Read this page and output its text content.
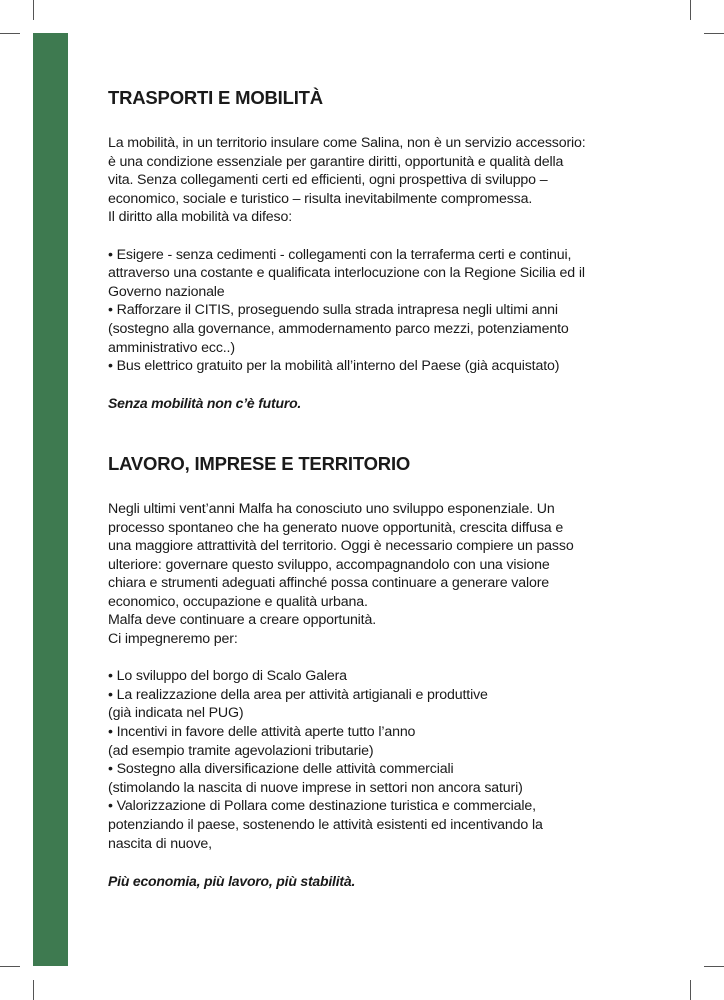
TRASPORTI E MOBILITÀ
La mobilità, in un territorio insulare come Salina, non è un servizio accessorio:
è una condizione essenziale per garantire diritti, opportunità e qualità della
vita. Senza collegamenti certi ed efficienti, ogni prospettiva di sviluppo –
economico, sociale e turistico – risulta inevitabilmente compromessa.
Il diritto alla mobilità va difeso:
• Esigere - senza cedimenti - collegamenti con la terraferma certi e continui,
attraverso una costante e qualificata interlocuzione con la Regione Sicilia ed il
Governo nazionale
• Rafforzare il CITIS, proseguendo sulla strada intrapresa negli ultimi anni
(sostegno alla governance, ammodernamento parco mezzi, potenziamento
amministrativo ecc..)
• Bus elettrico gratuito per la mobilità all’interno del Paese (già acquistato)

Senza mobilità non c’è futuro.

LAVORO, IMPRESE E TERRITORIO
Negli ultimi vent’anni Malfa ha conosciuto uno sviluppo esponenziale. Un
processo spontaneo che ha generato nuove opportunità, crescita diffusa e
una maggiore attrattività del territorio. Oggi è necessario compiere un passo
ulteriore: governare questo sviluppo, accompagnandolo con una visione
chiara e strumenti adeguati affinché possa continuare a generare valore
economico, occupazione e qualità urbana.
Malfa deve continuare a creare opportunità.
Ci impegneremo per:
• Lo sviluppo del borgo di Scalo Galera
• La realizzazione della area per attività artigianali e produttive
(già indicata nel PUG)
• Incentivi in favore delle attività aperte tutto l’anno
(ad esempio tramite agevolazioni tributarie)
• Sostegno alla diversificazione delle attività commerciali
(stimolando la nascita di nuove imprese in settori non ancora saturi)
• Valorizzazione di Pollara come destinazione turistica e commerciale,
potenziando il paese, sostenendo le attività esistenti ed incentivando la
nascita di nuove,

Più economia, più lavoro, più stabilità.
